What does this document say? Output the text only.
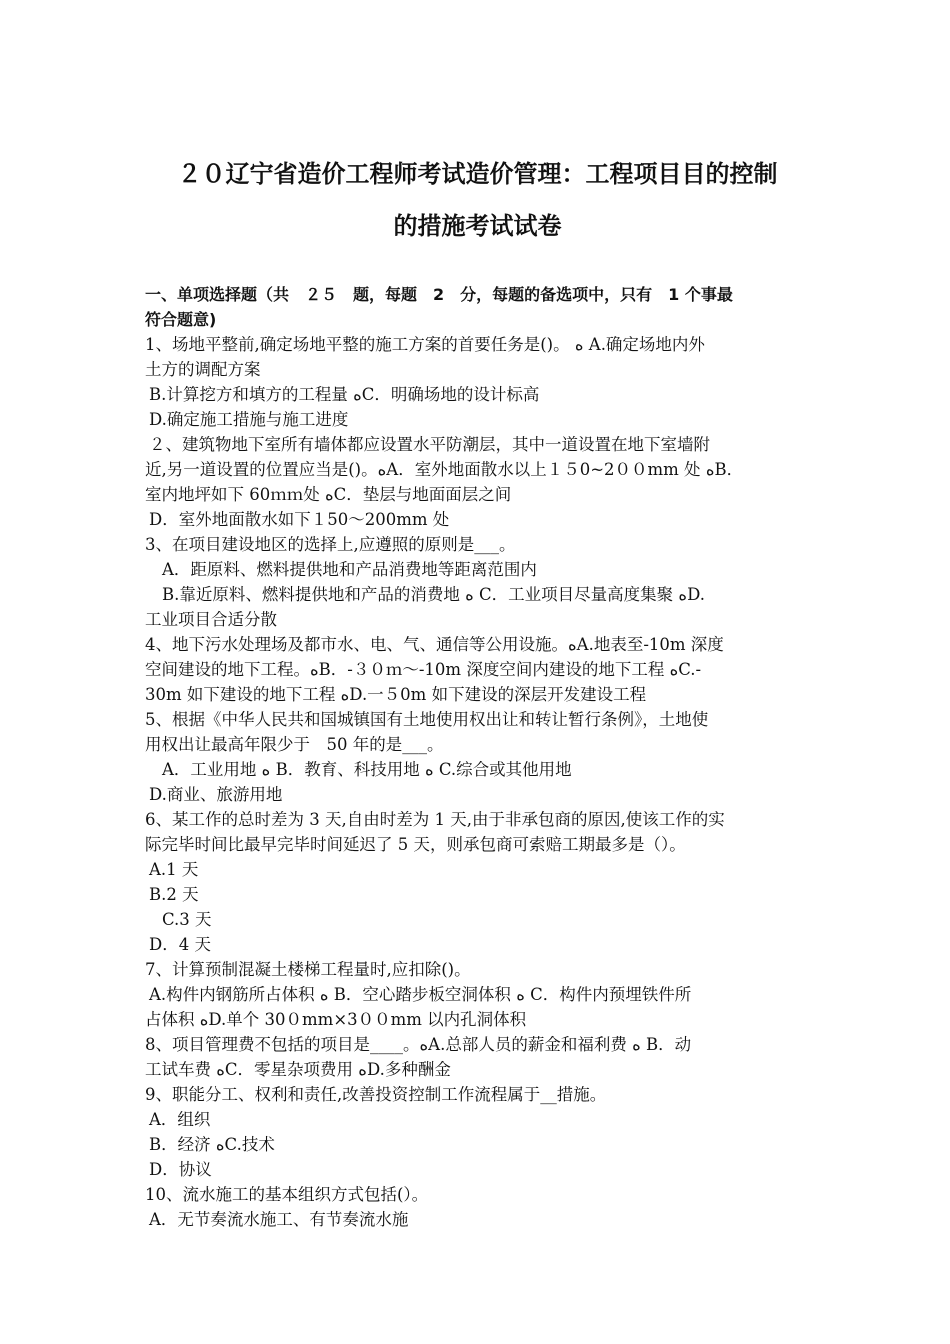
２０辽宁省造价工程师考试造价管理：工程项目目的控制
的措施考试试卷
一、单项选择题（共　２５　题，每题　2　分，每题的备选项中，只有　1 个事最
符合题意)
1、场地平整前,确定场地平整的施工方案的首要任务是()。 ﻩ A.确定场地内外
土方的调配方案
B.计算挖方和填方的工程量 ﻩC．明确场地的设计标高
D.确定施工措施与施工进度
２、建筑物地下室所有墙体都应设置水平防潮层，其中一道设置在地下室墙附
近,另一道设置的位置应当是()。ﻩA．室外地面散水以上１５0~2００mm 处 ﻩB．
室内地坪如下 60ｍｍ处 ﻩC．垫层与地面面层之间
D．室外地面散水如下１50～200mm 处
3、在项目建设地区的选择上,应遵照的原则是___。
A．距原料、燃料提供地和产品消费地等距离范围内
B.靠近原料、燃料提供地和产品的消费地 ﻩ C．工业项目尽量高度集聚 ﻩD.
工业项目合适分散
4、地下污水处理场及都市水、电、气、通信等公用设施。ﻩA.地表至-10m 深度
空间建设的地下工程。ﻩB．-３０ｍ～-10m 深度空间内建设的地下工程 ﻩC.-
30m 如下建设的地下工程 ﻩD.一５0m 如下建设的深层开发建设工程
5、根据《中华人民共和国城镇国有土地使用权出让和转让暂行条例》，土地使
用权出让最高年限少于　50 年的是___。
A．工业用地 ﻩ B．教育、科技用地 ﻩ C.综合或其他用地
D.商业、旅游用地
6、某工作的总时差为 3 天,自由时差为 1 天,由于非承包商的原因,使该工作的实
际完毕时间比最早完毕时间延迟了 5 天，则承包商可索赔工期最多是（）。
A.1 天
B.2 天
C.3 天
D．4 天
7、计算预制混凝土楼梯工程量时,应扣除()。
A.构件内钢筋所占体积 ﻩ B．空心踏步板空洞体积 ﻩ C．构件内预埋铁件所
占体积 ﻩD.单个 30０mm×3００mm 以内孔洞体积
8、项目管理费不包括的项目是____。ﻩA.总部人员的薪金和福利费 ﻩ B．动
工试车费 ﻩC．零星杂项费用 ﻩD.多种酬金
9、职能分工、权利和责任,改善投资控制工作流程属于__措施。
A．组织
B．经济 ﻩC.技术
D．协议
10、流水施工的基本组织方式包括(）。
A．无节奏流水施工、有节奏流水施
